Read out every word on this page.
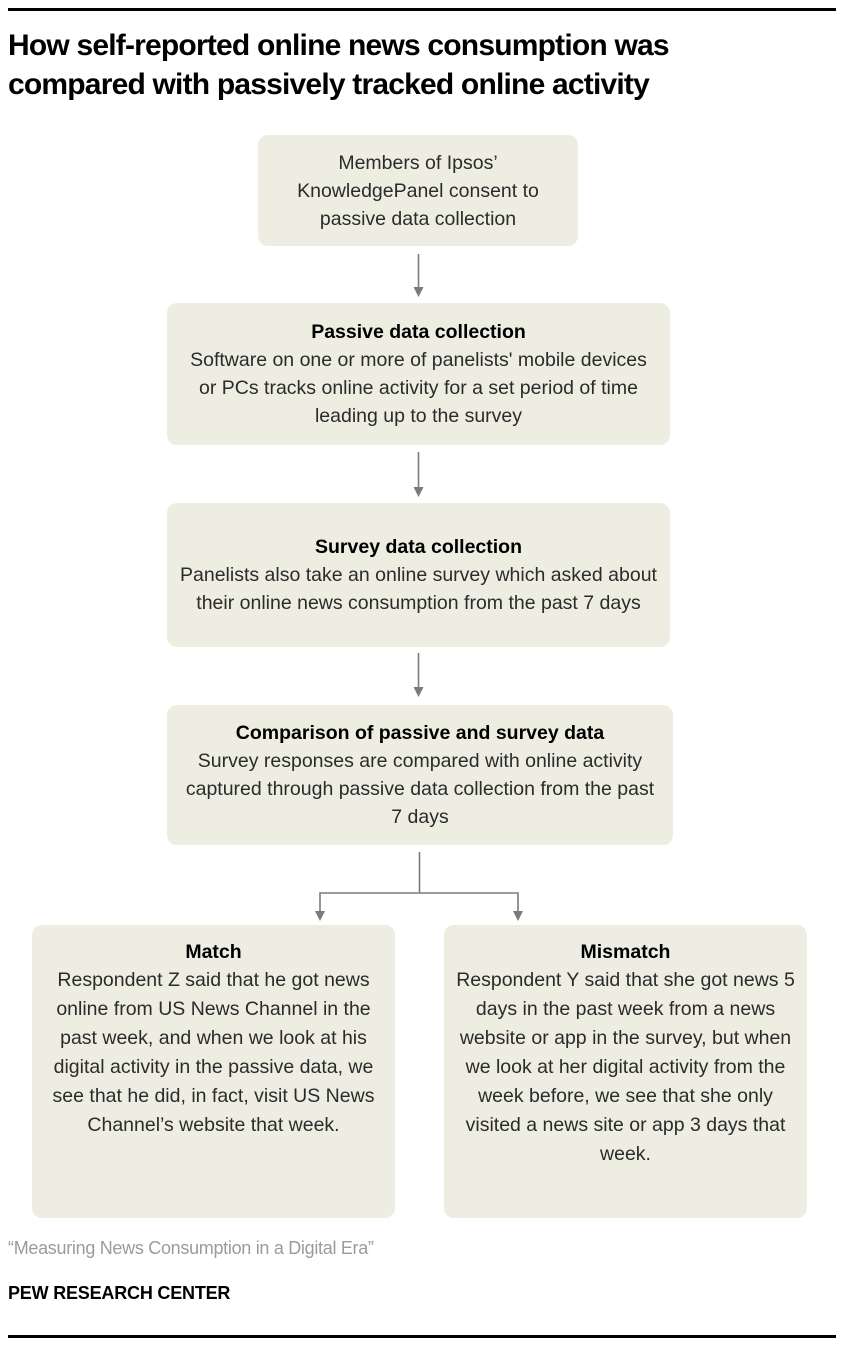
How self-reported online news consumption was compared with passively tracked online activity
Members of Ipsos’ KnowledgePanel consent to passive data collection
Passive data collection
Software on one or more of panelists' mobile devices or PCs tracks online activity for a set period of time leading up to the survey
Survey data collection
Panelists also take an online survey which asked about their online news consumption from the past 7 days
Comparison of passive and survey data
Survey responses are compared with online activity captured through passive data collection from the past 7 days
Match
Respondent Z said that he got news online from US News Channel in the past week, and when we look at his digital activity in the passive data, we see that he did, in fact, visit US News Channel’s website that week.
Mismatch
Respondent Y said that she got news 5 days in the past week from a news website or app in the survey, but when we look at her digital activity from the week before, we see that she only visited a news site or app 3 days that week.
“Measuring News Consumption in a Digital Era”
PEW RESEARCH CENTER
